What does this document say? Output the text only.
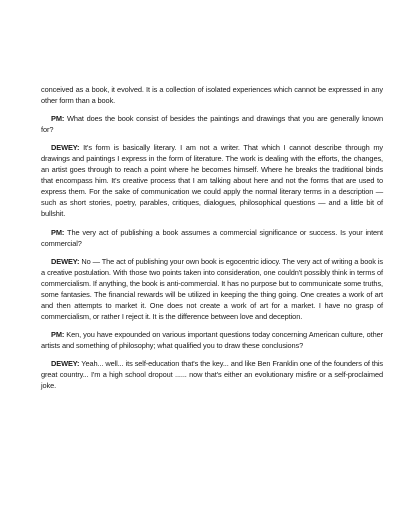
conceived as a book, it evolved. It is a collection of isolated experiences which cannot be expressed in any other form than a book.

PM: What does the book consist of besides the paintings and drawings that you are generally known for?

DEWEY: It's form is basically literary. I am not a writer. That which I cannot describe through my drawings and paintings I express in the form of literature. The work is dealing with the efforts, the changes, an artist goes through to reach a point where he becomes himself. Where he breaks the traditional binds that encompass him. It's creative process that I am talking about here and not the forms that are used to express them. For the sake of communication we could apply the normal literary terms in a description — such as short stories, poetry, parables, critiques, dialogues, philosophical questions — and a little bit of bullshit.

PM: The very act of publishing a book assumes a commercial significance or success. Is your intent commercial?

DEWEY: No — The act of publishing your own book is egocentric idiocy. The very act of writing a book is a creative postulation. With those two points taken into consideration, one couldn't possibly think in terms of commercialism. If anything, the book is anti-commercial. It has no purpose but to communicate some truths, some fantasies. The financial rewards will be utilized in keeping the thing going. One creates a work of art and then attempts to market it. One does not create a work of art for a market. I have no grasp of commercialism, or rather I reject it. It is the difference between love and deception.

PM: Ken, you have expounded on various important questions today concerning American culture, other artists and something of philosophy; what qualified you to draw these conclusions?

DEWEY: Yeah... well... its self-education that's the key... and like Ben Franklin one of the founders of this great country... I'm a high school dropout ...... now that's either an evolutionary misfire or a self-proclaimed joke.
